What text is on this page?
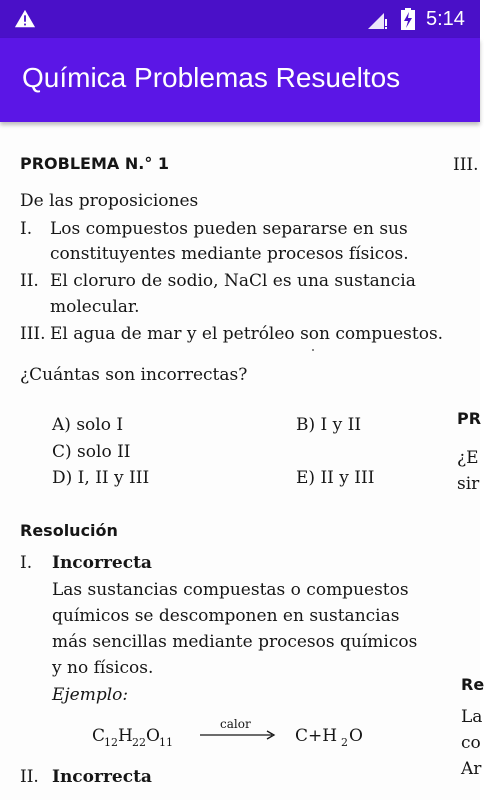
5:14
Química Problemas Resueltos
PROBLEMA N.° 1
De las proposiciones
I. Los compuestos pueden separarse en sus
constituyentes mediante procesos físicos.
II. El cloruro de sodio, NaCl es una sustancia
molecular.
III. El agua de mar y el petróleo son compuestos.
¿Cuántas son incorrectas?
A) solo I	B) I y II
C) solo II
D) I, II y III	E) II y III
Resolución
I. Incorrecta
Las sustancias compuestas o compuestos
químicos se descomponen en sustancias
más sencillas mediante procesos químicos
y no físicos.
Ejemplo:
C
12 H 22 O 11
calor
C+H 2 O
II. Incorrecta
III.
PR
¿E
sir
Re
La
co
Ar
